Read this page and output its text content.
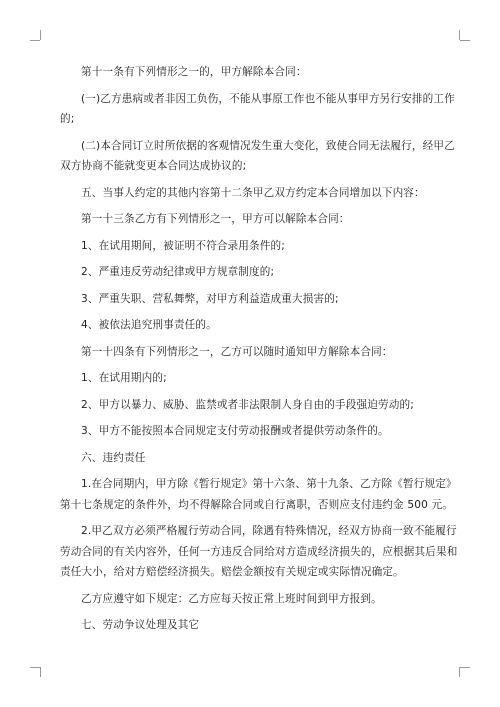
第十一条有下列情形之一的，甲方解除本合同：
(一)乙方患病或者非因工负伤，不能从事原工作也不能从事甲方另行安排的工作
的;
(二)本合同订立时所依据的客观情况发生重大变化，致使合同无法履行，经甲乙
双方协商不能就变更本合同达成协议的;
五、当事人约定的其他内容第十二条甲乙双方约定本合同增加以下内容：
第一十三条乙方有下列情形之一，甲方可以解除本合同：
1、在试用期间，被证明不符合录用条件的;
2、严重违反劳动纪律或甲方规章制度的;
3、严重失职、营私舞弊，对甲方利益造成重大损害的;
4、被依法追究刑事责任的。
第一十四条有下列情形之一，乙方可以随时通知甲方解除本合同：
1、在试用期内的;
2、甲方以暴力、威胁、监禁或者非法限制人身自由的手段强迫劳动的;
3、甲方不能按照本合同规定支付劳动报酬或者提供劳动条件的。
六、违约责任
1.在合同期内，甲方除《暂行规定》第十六条、第十九条、乙方除《暂行规定》
第十七条规定的条件外，均不得解除合同或自行离职，否则应支付违约金 500 元。
2.甲乙双方必须严格履行劳动合同，除遇有特殊情况，经双方协商一致不能履行
劳动合同的有关内容外，任何一方违反合同给对方造成经济损失的，应根据其后果和
责任大小，给对方赔偿经济损失。赔偿金额按有关规定或实际情况确定。
乙方应遵守如下规定：乙方应每天按正常上班时间到甲方报到。
七、劳动争议处理及其它
